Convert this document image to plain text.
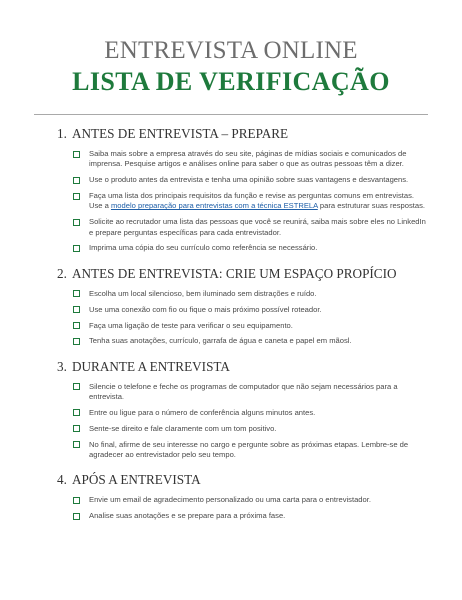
ENTREVISTA ONLINE
LISTA DE VERIFICAÇÃO
1. ANTES DE ENTREVISTA – PREPARE
Saiba mais sobre a empresa através do seu site, páginas de mídias sociais e comunicados de imprensa. Pesquise artigos e análises online para saber o que as outras pessoas têm a dizer.
Use o produto antes da entrevista e tenha uma opinião sobre suas vantagens e desvantagens.
Faça uma lista dos principais requisitos da função e revise as perguntas comuns em entrevistas. Use a modelo preparação para entrevistas com a técnica ESTRELA para estruturar suas respostas.
Solicite ao recrutador uma lista das pessoas que você se reunirá, saiba mais sobre eles no LinkedIn e prepare perguntas específicas para cada entrevistador.
Imprima uma cópia do seu currículo como referência se necessário.
2. ANTES DE ENTREVISTA: CRIE UM ESPAÇO PROPÍCIO
Escolha um local silencioso, bem iluminado sem distrações e ruído.
Use uma conexão com fio ou fique o mais próximo possível roteador.
Faça uma ligação de teste para verificar o seu equipamento.
Tenha suas anotações, currículo, garrafa de água e caneta e papel em mãosl.
3. DURANTE A ENTREVISTA
Silencie o telefone e feche os programas de computador que não sejam necessários para a entrevista.
Entre ou ligue para o número de conferência alguns minutos antes.
Sente-se direito e fale claramente com um tom positivo.
No final, afirme de seu interesse no cargo e pergunte sobre as próximas etapas. Lembre-se de agradecer ao entrevistador pelo seu tempo.
4. APÓS A ENTREVISTA
Envie um email de agradecimento personalizado ou uma carta para o entrevistador.
Analise suas anotações e se prepare para a próxima fase.
